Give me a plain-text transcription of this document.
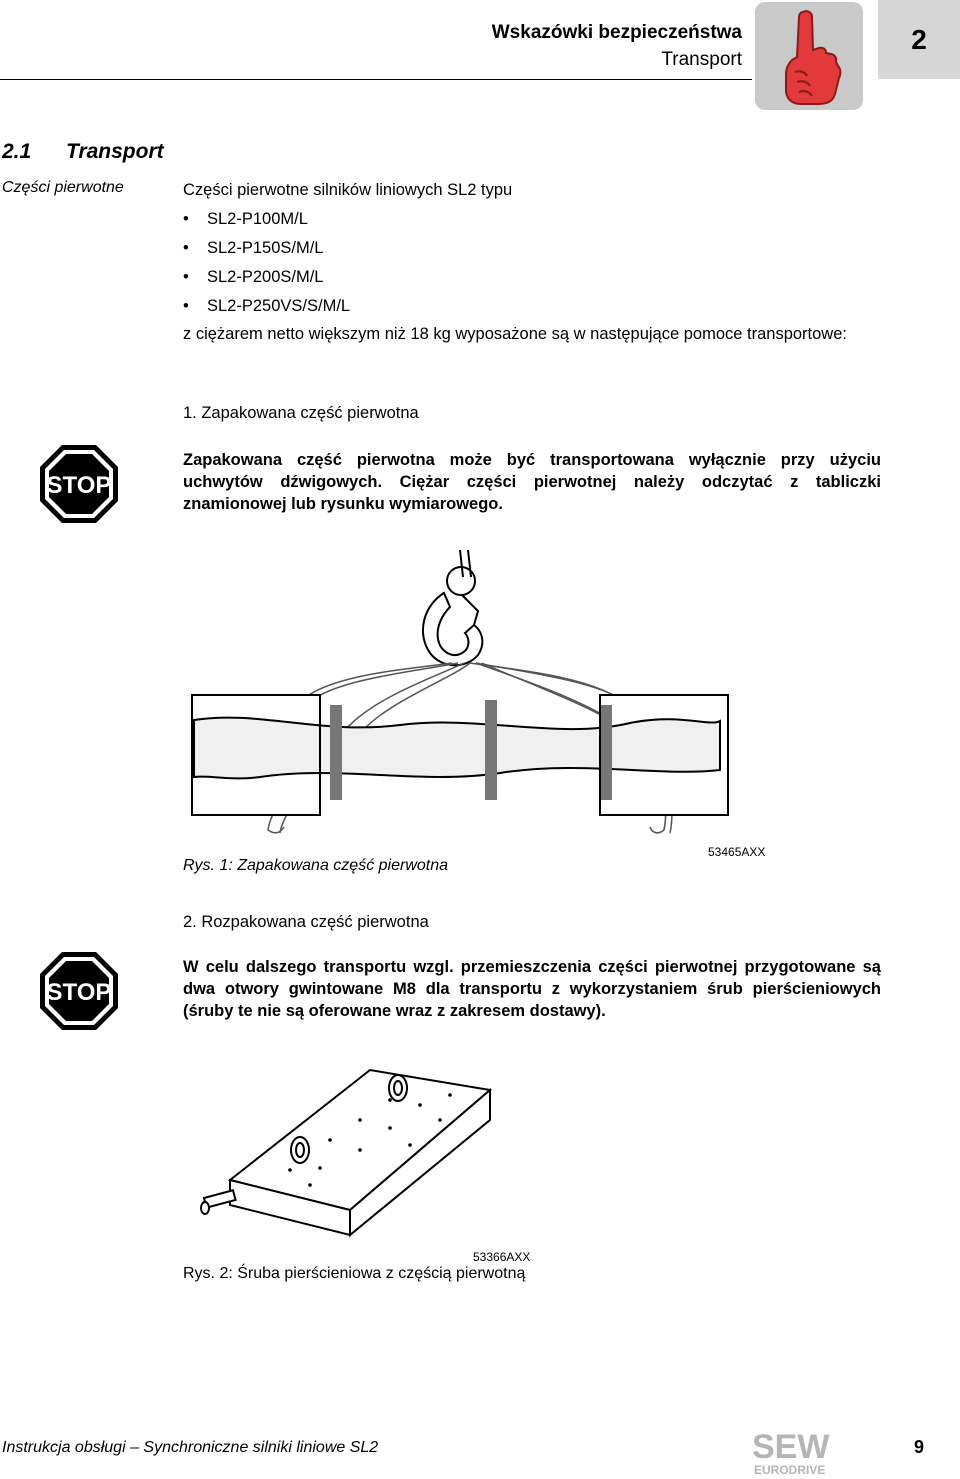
Wskazówki bezpieczeństwa
Transport
2
2.1 Transport
Części pierwotne	Części pierwotne silników liniowych SL2 typu
• SL2-P100M/L
• SL2-P150S/M/L
• SL2-P200S/M/L
• SL2-P250VS/S/M/L
z ciężarem netto większym niż 18 kg wyposażone są w następujące pomoce transportowe:
1. Zapakowana część pierwotna
STOP
Zapakowana część pierwotna może być transportowana wyłącznie przy użyciu uchwytów dźwigowych. Ciężar części pierwotnej należy odczytać z tabliczki znamionowej lub rysunku wymiarowego.
Rys. 1: Zapakowana część pierwotna
53465AXX
2. Rozpakowana część pierwotna
STOP
W celu dalszego transportu wzgl. przemieszczenia części pierwotnej przygotowane są dwa otwory gwintowane M8 dla transportu z wykorzystaniem śrub pierścieniowych (śruby te nie są oferowane wraz z zakresem dostawy).
53366AXX
Rys. 2: Śruba pierścieniowa z częścią pierwotną
Instrukcja obsługi – Synchroniczne silniki liniowe SL2	SEW
EURODRIVE
9
